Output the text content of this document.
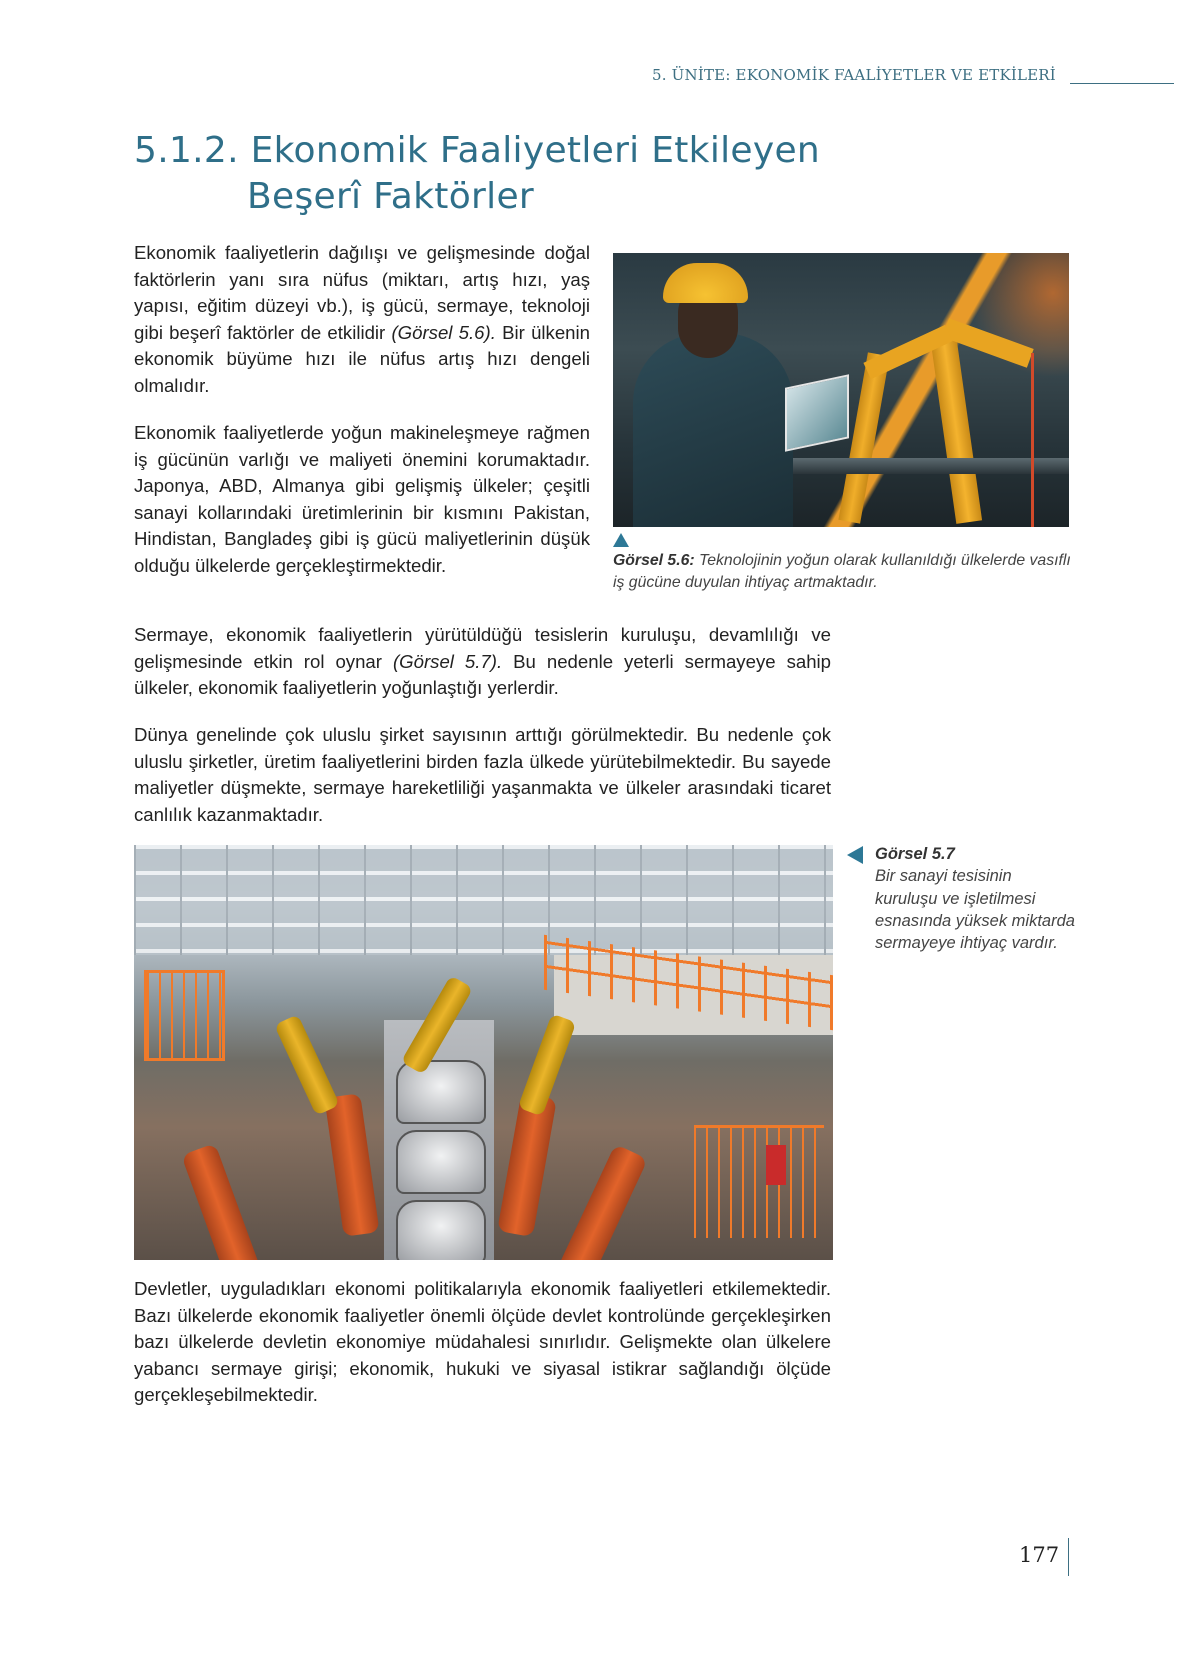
5. ÜNİTE: EKONOMİK FAALİYETLER VE ETKİLERİ
5.1.2. Ekonomik Faaliyetleri Etkileyen
Beşerî Faktörler

Ekonomik faaliyetlerin dağılışı ve gelişmesinde doğal faktörlerin yanı sıra nüfus (miktarı, artış hızı, yaş yapısı, eğitim düzeyi vb.), iş gücü, sermaye, teknoloji gibi beşerî faktörler de etkilidir (Görsel 5.6). Bir ülkenin ekonomik büyüme hızı ile nüfus artış hızı dengeli olmalıdır.

Ekonomik faaliyetlerde yoğun makineleşmeye rağmen iş gücünün varlığı ve maliyeti önemini korumaktadır. Japonya, ABD, Almanya gibi gelişmiş ülkeler; çeşitli sanayi kollarındaki üretimlerinin bir kısmını Pakistan, Hindistan, Bangladeş gibi iş gücü maliyetlerinin düşük olduğu ülkelerde gerçekleştirmektedir.	Görsel 5.6: Teknolojinin yoğun olarak kullanıldığı ülkelerde vasıflı iş gücüne duyulan ihtiyaç artmaktadır.

Sermaye, ekonomik faaliyetlerin yürütüldüğü tesislerin kuruluşu, devamlılığı ve gelişmesinde etkin rol oynar (Görsel 5.7). Bu nedenle yeterli sermayeye sahip ülkeler, ekonomik faaliyetlerin yoğunlaştığı yerlerdir.

Dünya genelinde çok uluslu şirket sayısının arttığı görülmektedir. Bu nedenle çok uluslu şirketler, üretim faaliyetlerini birden fazla ülkede yürütebilmektedir. Bu sayede maliyetler düşmekte, sermaye hareketliliği yaşanmakta ve ülkeler arasındaki ticaret canlılık kazanmaktadır.

Görsel 5.7
Bir sanayi tesisinin kuruluşu ve işletilmesi esnasında yüksek miktarda sermayeye ihtiyaç vardır.

Devletler, uyguladıkları ekonomi politikalarıyla ekonomik faaliyetleri etkilemektedir. Bazı ülkelerde ekonomik faaliyetler önemli ölçüde devlet kontrolünde gerçekleşirken bazı ülkelerde devletin ekonomiye müdahalesi sınırlıdır. Gelişmekte olan ülkelere yabancı sermaye girişi; ekonomik, hukuki ve siyasal istikrar sağlandığı ölçüde gerçekleşebilmektedir.

177
